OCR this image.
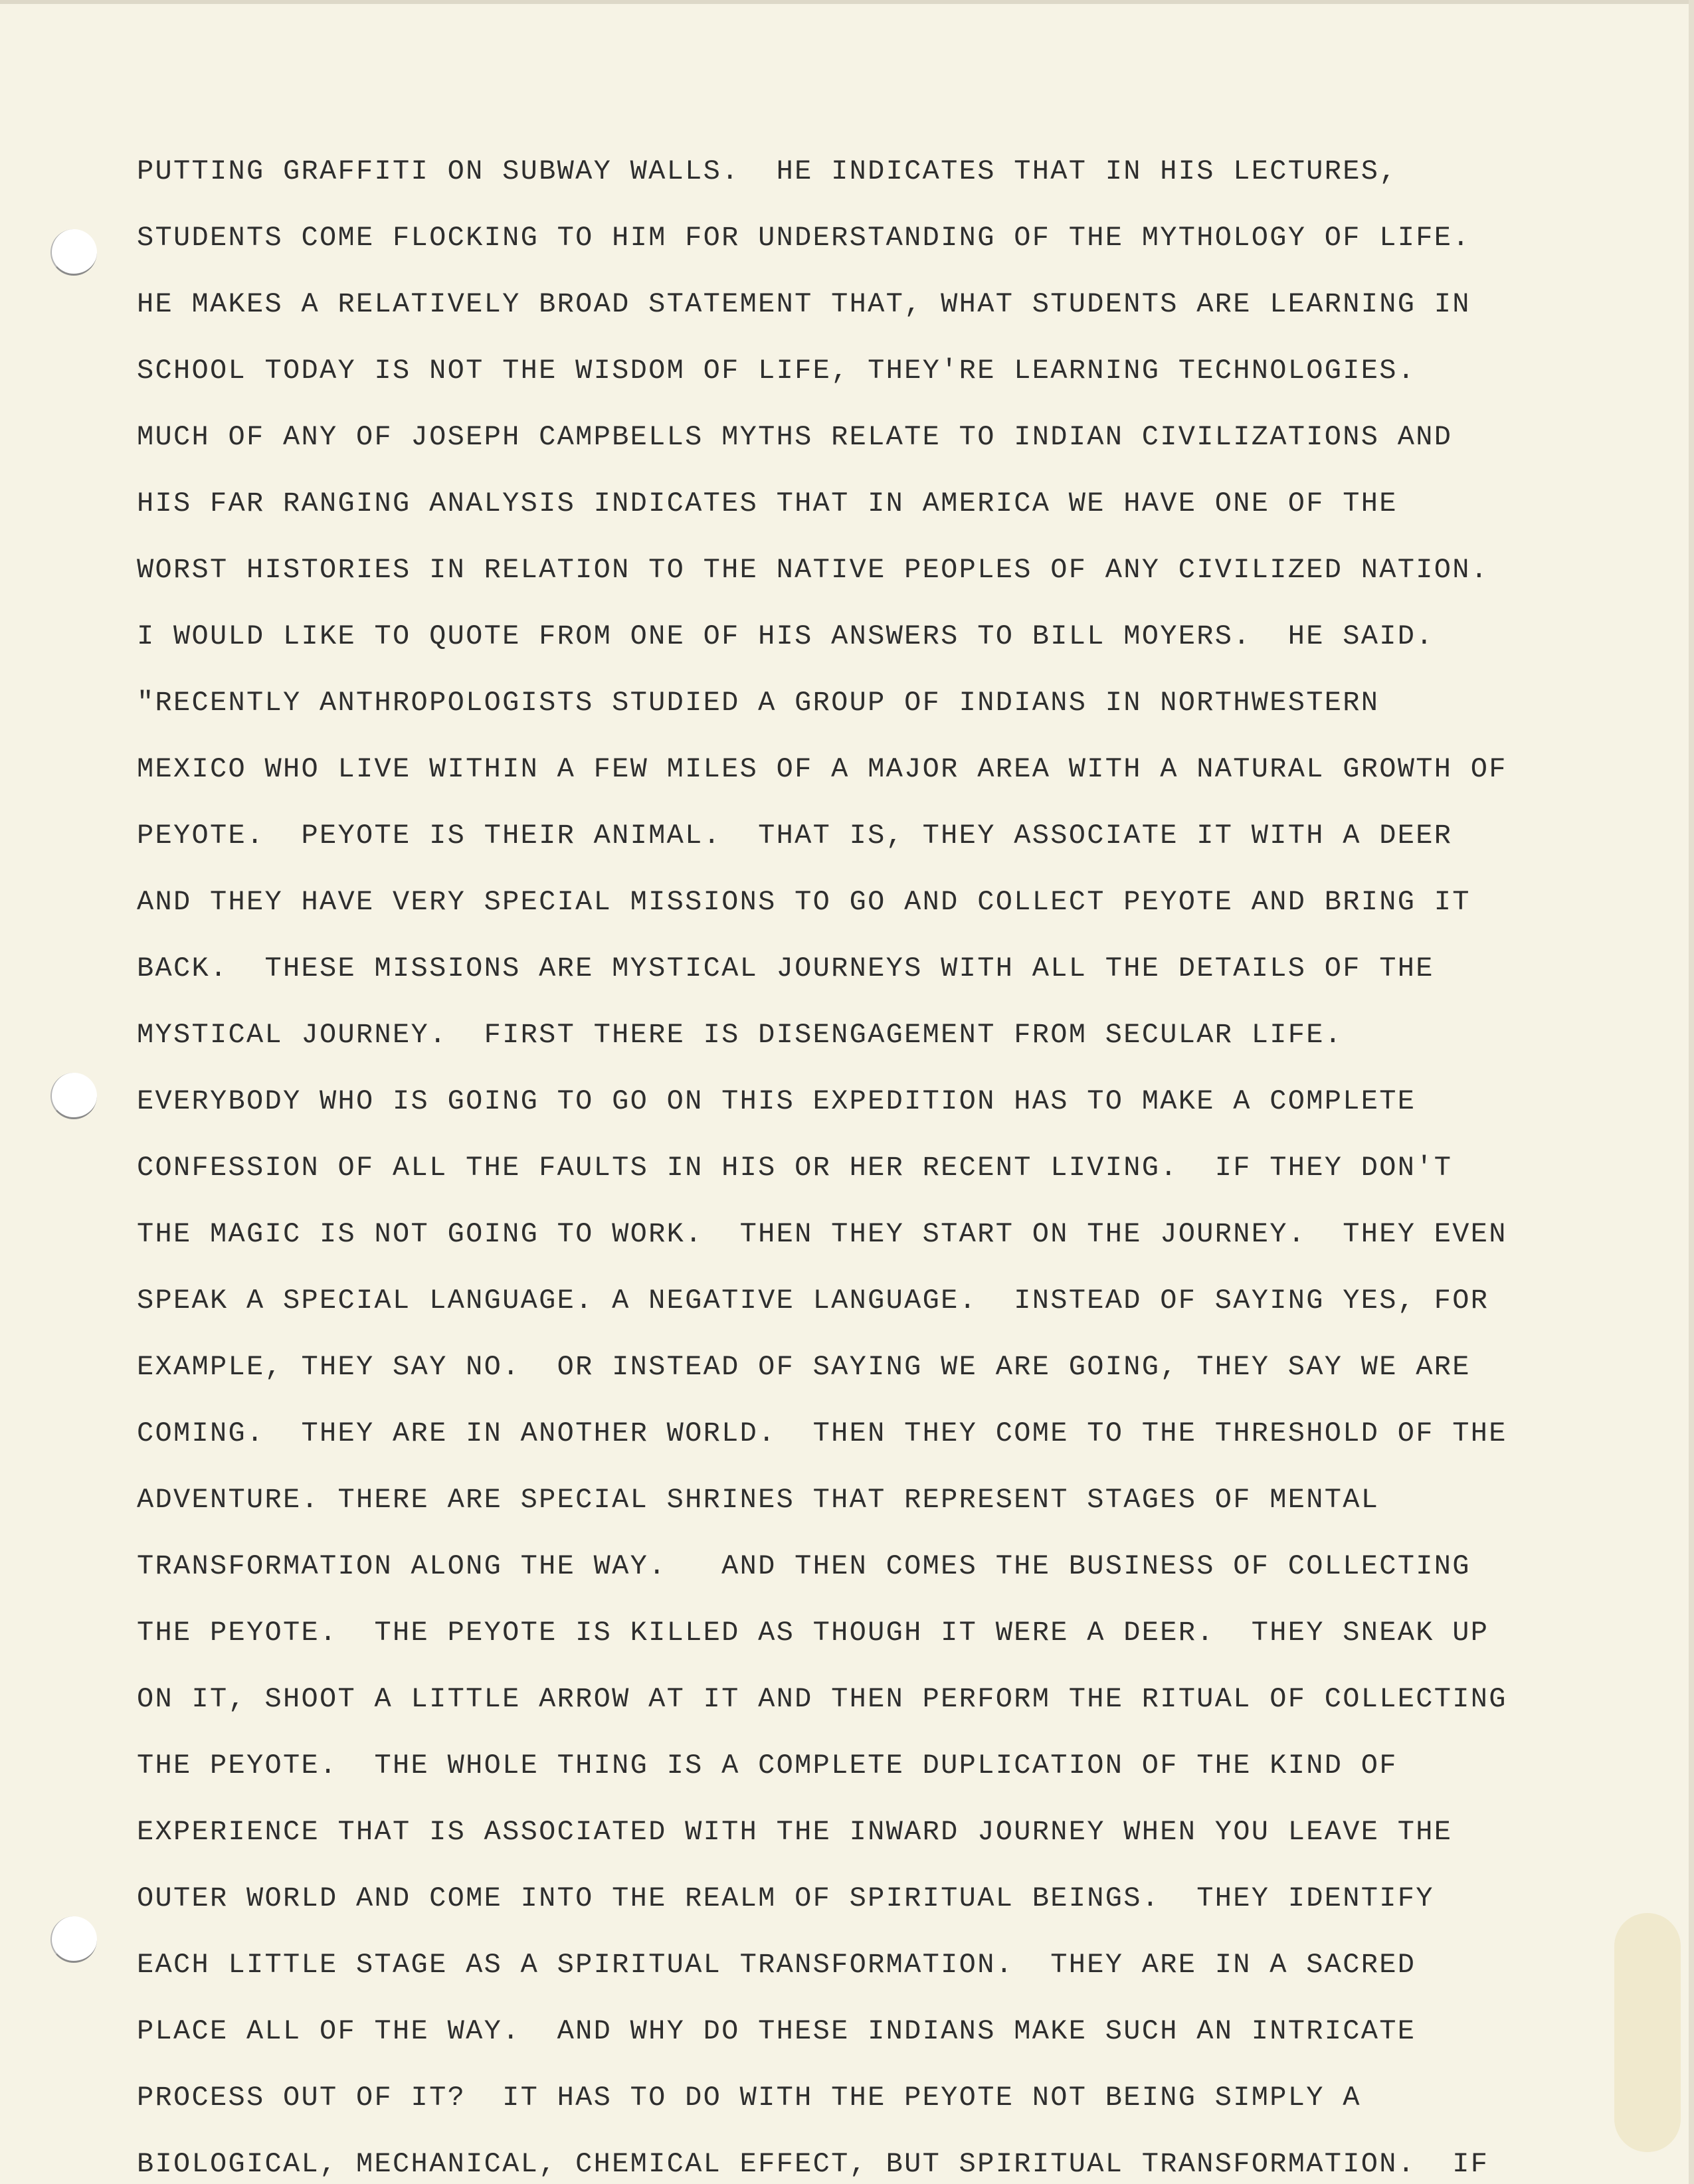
PUTTING GRAFFITI ON SUBWAY WALLS.  HE INDICATES THAT IN HIS LECTURES,
STUDENTS COME FLOCKING TO HIM FOR UNDERSTANDING OF THE MYTHOLOGY OF LIFE.
HE MAKES A RELATIVELY BROAD STATEMENT THAT, WHAT STUDENTS ARE LEARNING IN
SCHOOL TODAY IS NOT THE WISDOM OF LIFE, THEY'RE LEARNING TECHNOLOGIES.
MUCH OF ANY OF JOSEPH CAMPBELLS MYTHS RELATE TO INDIAN CIVILIZATIONS AND
HIS FAR RANGING ANALYSIS INDICATES THAT IN AMERICA WE HAVE ONE OF THE
WORST HISTORIES IN RELATION TO THE NATIVE PEOPLES OF ANY CIVILIZED NATION.
I WOULD LIKE TO QUOTE FROM ONE OF HIS ANSWERS TO BILL MOYERS.  HE SAID.
"RECENTLY ANTHROPOLOGISTS STUDIED A GROUP OF INDIANS IN NORTHWESTERN
MEXICO WHO LIVE WITHIN A FEW MILES OF A MAJOR AREA WITH A NATURAL GROWTH OF
PEYOTE.  PEYOTE IS THEIR ANIMAL.  THAT IS, THEY ASSOCIATE IT WITH A DEER
AND THEY HAVE VERY SPECIAL MISSIONS TO GO AND COLLECT PEYOTE AND BRING IT
BACK.  THESE MISSIONS ARE MYSTICAL JOURNEYS WITH ALL THE DETAILS OF THE
MYSTICAL JOURNEY.  FIRST THERE IS DISENGAGEMENT FROM SECULAR LIFE.
EVERYBODY WHO IS GOING TO GO ON THIS EXPEDITION HAS TO MAKE A COMPLETE
CONFESSION OF ALL THE FAULTS IN HIS OR HER RECENT LIVING.  IF THEY DON'T
THE MAGIC IS NOT GOING TO WORK.  THEN THEY START ON THE JOURNEY.  THEY EVEN
SPEAK A SPECIAL LANGUAGE. A NEGATIVE LANGUAGE.  INSTEAD OF SAYING YES, FOR
EXAMPLE, THEY SAY NO.  OR INSTEAD OF SAYING WE ARE GOING, THEY SAY WE ARE
COMING.  THEY ARE IN ANOTHER WORLD.  THEN THEY COME TO THE THRESHOLD OF THE
ADVENTURE. THERE ARE SPECIAL SHRINES THAT REPRESENT STAGES OF MENTAL
TRANSFORMATION ALONG THE WAY.   AND THEN COMES THE BUSINESS OF COLLECTING
THE PEYOTE.  THE PEYOTE IS KILLED AS THOUGH IT WERE A DEER.  THEY SNEAK UP
ON IT, SHOOT A LITTLE ARROW AT IT AND THEN PERFORM THE RITUAL OF COLLECTING
THE PEYOTE.  THE WHOLE THING IS A COMPLETE DUPLICATION OF THE KIND OF
EXPERIENCE THAT IS ASSOCIATED WITH THE INWARD JOURNEY WHEN YOU LEAVE THE
OUTER WORLD AND COME INTO THE REALM OF SPIRITUAL BEINGS.  THEY IDENTIFY
EACH LITTLE STAGE AS A SPIRITUAL TRANSFORMATION.  THEY ARE IN A SACRED
PLACE ALL OF THE WAY.  AND WHY DO THESE INDIANS MAKE SUCH AN INTRICATE
PROCESS OUT OF IT?  IT HAS TO DO WITH THE PEYOTE NOT BEING SIMPLY A
BIOLOGICAL, MECHANICAL, CHEMICAL EFFECT, BUT SPIRITUAL TRANSFORMATION.  IF
